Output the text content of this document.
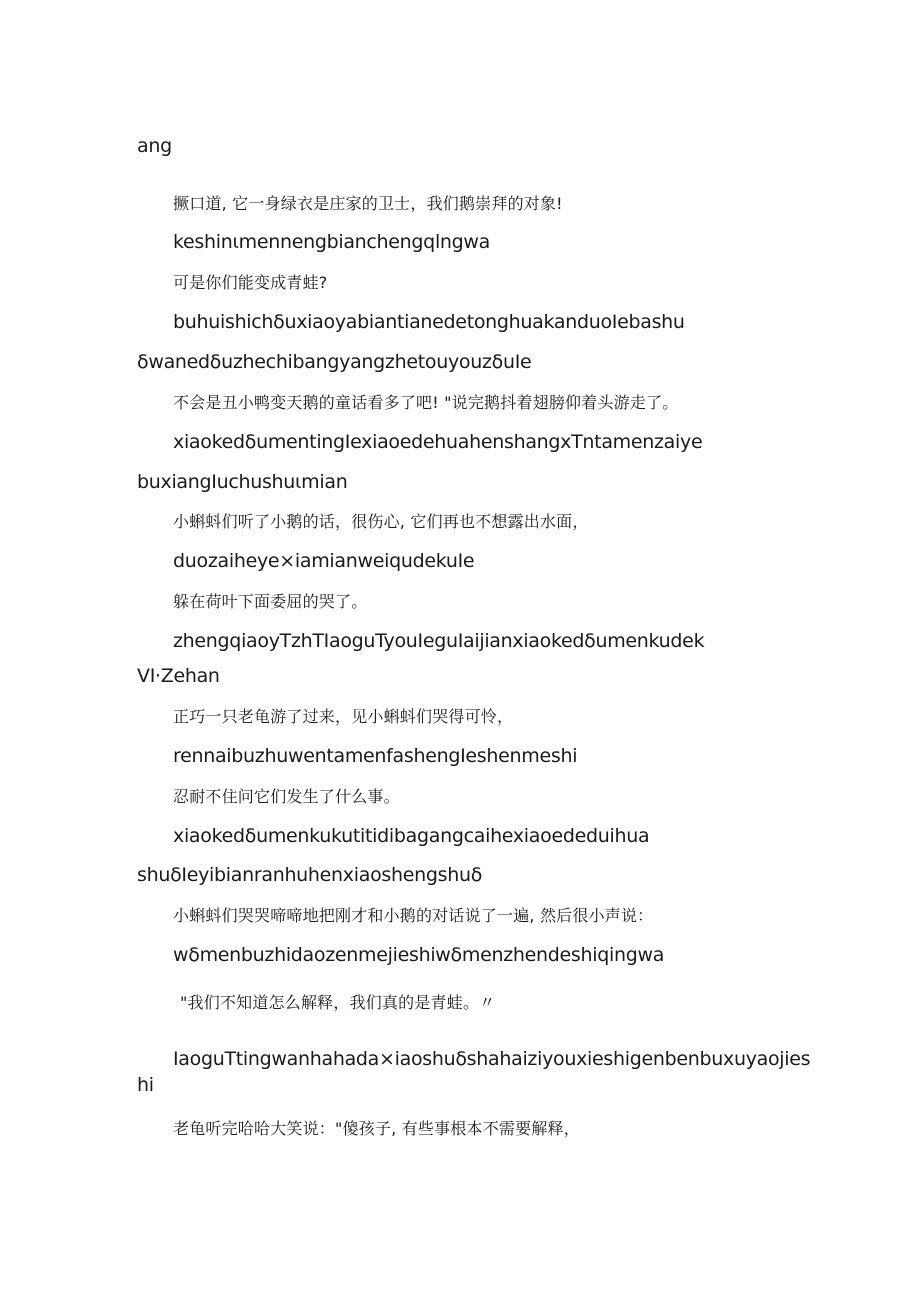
ang
撅口道, 它一身绿衣是庄家的卫士，我们鹅崇拜的对象!
keshinιmennengbianchengqlngwa
可是你们能变成青蛙?
buhuishichδuxiaoyabiantianedetonghuakanduoIebashu
δwanedδuzhechibangyangzhetouyouzδuIe
不会是丑小鸭变天鹅的童话看多了吧! "说完鹅抖着翅膀仰着头游走了。
xiaokedδumentingIexiaoedehuahenshangxTntamenzaiye
buxiangIuchushuιmian
小蝌蚪们听了小鹅的话，很伤心, 它们再也不想露出水面，
duozaiheye×iamianweiqudekuIe
躲在荷叶下面委屈的哭了。
zhengqiaoyTzhTIaoguTyouIeguIaijianxiaokedδumenkudek
VI·Zehan
正巧一只老龟游了过来，见小蝌蚪们哭得可怜，
rennaibuzhuwentamenfashengIeshenmeshi
忍耐不住问它们发生了什么事。
xiaokedδumenkukutitidibagangcaihexiaoededuihua
shuδIeyibianranhuhenxiaoshengshuδ
小蝌蚪们哭哭啼啼地把刚才和小鹅的对话说了一遍, 然后很小声说：
wδmenbuzhidaozenmejieshiwδmenzhendeshiqingwa
"我们不知道怎么解释，我们真的是青蛙。〃
IaoguTtingwanhahada×iaoshuδshahaiziyouxieshigenbenbuxuyaojies
hi
老龟听完哈哈大笑说："傻孩子, 有些事根本不需要解释，
